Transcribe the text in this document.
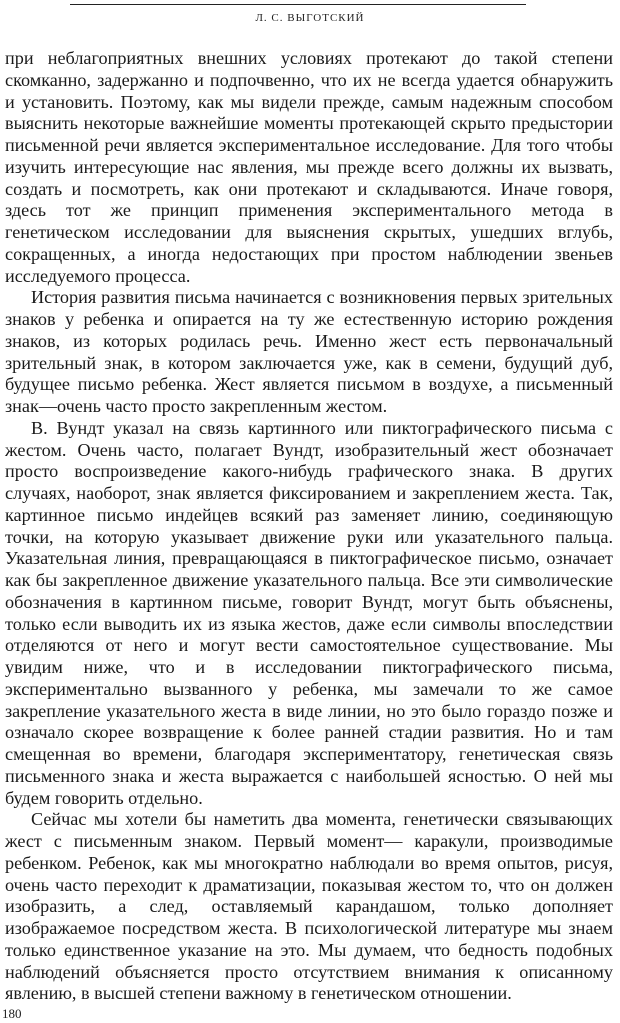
Л. С. ВЫГОТСКИЙ

при неблагоприятных внешних условиях протекают до такой степени скомканно, задержанно и подпочвенно, что их не всегда удается обнаружить и установить. Поэтому, как мы видели прежде, самым надежным способом выяснить некоторые важнейшие моменты протекающей скрыто предыстории письменной речи является экспериментальное исследование. Для того чтобы изучить интересующие нас явления, мы прежде всего должны их вызвать, создать и посмотреть, как они протекают и складываются. Иначе говоря, здесь тот же принцип применения экспериментального метода в генетическом исследовании для выяснения скрытых, ушедших вглубь, сокращенных, а иногда недостающих при простом наблюдении звеньев исследуемого процесса.

История развития письма начинается с возникновения первых зрительных знаков у ребенка и опирается на ту же естественную историю рождения знаков, из которых родилась речь. Именно жест есть первоначальный зрительный знак, в котором заключается уже, как в семени, будущий дуб, будущее письмо ребенка. Жест является письмом в воздухе, а письменный знак—очень часто просто закрепленным жестом.

В. Вундт указал на связь картинного или пиктографического письма с жестом. Очень часто, полагает Вундт, изобразительный жест обозначает просто воспроизведение какого-нибудь графического знака. В других случаях, наоборот, знак является фиксированием и закреплением жеста. Так, картинное письмо индейцев всякий раз заменяет линию, соединяющую точки, на которую указывает движение руки или указательного пальца. Указательная линия, превращающаяся в пиктографическое письмо, означает как бы закрепленное движение указательного пальца. Все эти символические обозначения в картинном письме, говорит Вундт, могут быть объяснены, только если выводить их из языка жестов, даже если символы впоследствии отделяются от него и могут вести самостоятельное существование. Мы увидим ниже, что и в исследовании пиктографического письма, экспериментально вызванного у ребенка, мы замечали то же самое закрепление указательного жеста в виде линии, но это было гораздо позже и означало скорее возвращение к более ранней стадии развития. Но и там смещенная во времени, благодаря экспериментатору, генетическая связь письменного знака и жеста выражается с наибольшей ясностью. О ней мы будем говорить отдельно.

Сейчас мы хотели бы наметить два момента, генетически связывающих жест с письменным знаком. Первый момент— каракули, производимые ребенком. Ребенок, как мы многократно наблюдали во время опытов, рисуя, очень часто переходит к драматизации, показывая жестом то, что он должен изобразить, а след, оставляемый карандашом, только дополняет изображаемое посредством жеста. В психологической литературе мы знаем только единственное указание на это. Мы думаем, что бедность подобных наблюдений объясняется просто отсутствием внимания к описанному явлению, в высшей степени важному в генетическом отношении.

180
